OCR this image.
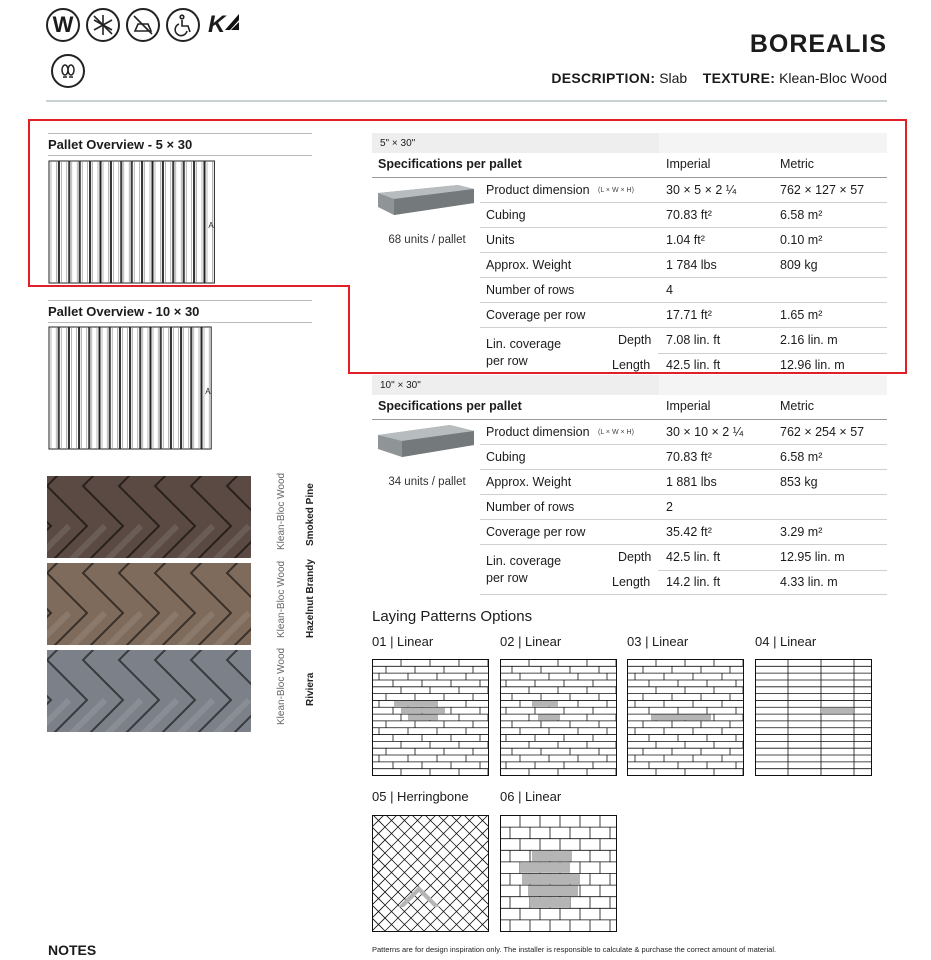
W	K
BOREALIS
DESCRIPTION: Slab TEXTURE: Klean-Bloc Wood
Pallet Overview - 5 × 30
A
Pallet Overview - 10 × 30
A
Klean-Bloc Wood Smoked Pine
Klean-Bloc Wood Hazelnut Brandy
Klean-Bloc Wood Riviera
5" × 30"
Specifications per pallet	Imperial	Metric
Product dimension (L × W × H)	30 × 5 × 2 ¼	762 × 127 × 57
Cubing	70.83 ft²	6.58 m²
Units	1.04 ft²	0.10 m²
Approx. Weight	1 784 lbs	809 kg
Number of rows	4
Coverage per row	17.71 ft²	1.65 m²
Lin. coverage
per row
Depth 7.08 lin. ft	2.16 lin. m
Length 42.5 lin. ft	12.96 lin. m
68 units / pallet
10" × 30"
Specifications per pallet	Imperial	Metric
Product dimension (L × W × H)	30 × 10 × 2 ¼	762 × 254 × 57
Cubing	70.83 ft²	6.58 m²
Approx. Weight	1 881 lbs	853 kg
Number of rows	2
Coverage per row	35.42 ft²	3.29 m²
Lin. coverage
per row
Depth 42.5 lin. ft	12.95 lin. m
Length 14.2 lin. ft	4.33 lin. m
34 units / pallet
Laying Patterns Options
01 | Linear	02 | Linear	03 | Linear	04 | Linear
05 | Herringbone 06 | Linear
NOTES	Patterns are for design inspiration only. The installer is responsible to calculate & purchase the correct amount of material.
